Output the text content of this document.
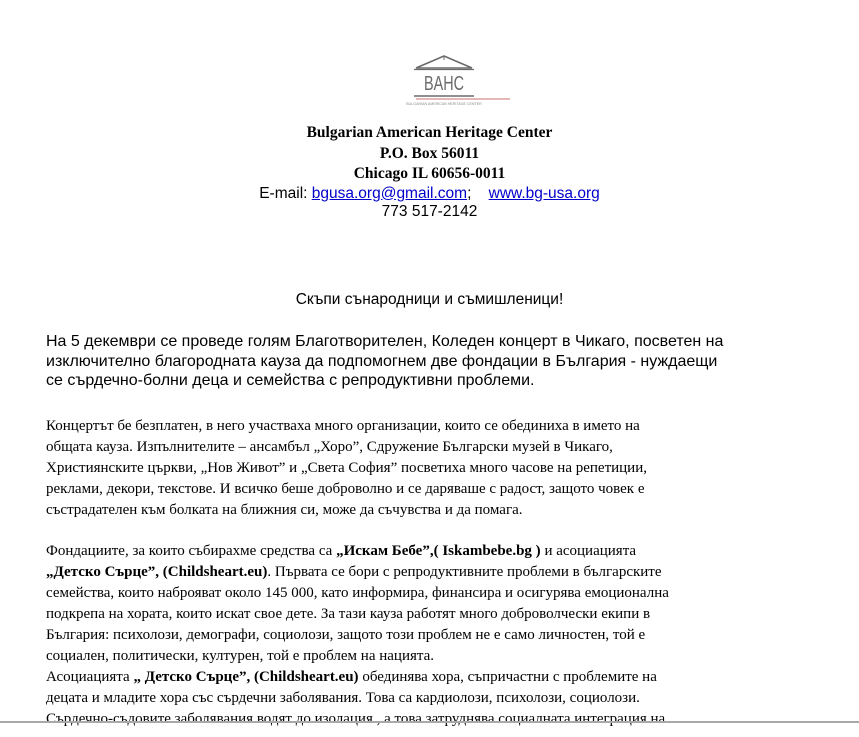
BAHC
BULGARIAN AMERICAN HERITAGE CENTER
Bulgarian American Heritage Center
P.O. Box 56011
Chicago IL 60656-0011
E-mail: bgusa.org@gmail.com; www.bg-usa.org
773 517-2142
Скъпи сънародници и съмишленици!
На 5 декември се проведе голям Благотворителен, Коледен концерт в Чикаго, посветен на
изключително благородната кауза да подпомогнем две фондации в България - нуждаещи
се сърдечно-болни деца и семейства с репродуктивни проблеми.
Концертът бе безплатен, в него участваха много организации, които се обединиха в името на
общата кауза. Изпълнителите – ансамбъл „Хоро”, Сдружение Български музей в Чикаго,
Християнските църкви, „Нов Живот” и „Света София” посветиха много часове на репетиции,
реклами, декори, текстове. И всичко беше доброволно и се даряваше с радост, защото човек е
състрадателен към болката на ближния си, може да съчувства и да помага.
Фондациите, за които събирахме средства са „Искам Бебе”,( Iskambebe.bg ) и асоциацията
„Детско Сърце”, (Childsheart.eu). Първата се бори с репродуктивните проблеми в българските
семейства, които наброяват около 145 000, като информира, финансира и осигурява емоционална
подкрепа на хората, които искат свое дете. За тази кауза работят много доброволчески екипи в
България: психолози, демографи, социолози, защото този проблем не е само личностен, той е
социален, политически, културен, той е проблем на нацията.
Асоциацията „ Детско Сърце”, (Childsheart.eu) обединява хора, съпричастни с проблемите на
децата и младите хора със сърдечни заболявания. Това са кардиолози, психолози, социолози.
Сърдечно-съдовите заболявания водят до изолация , а това затруднява социалната интеграция на
